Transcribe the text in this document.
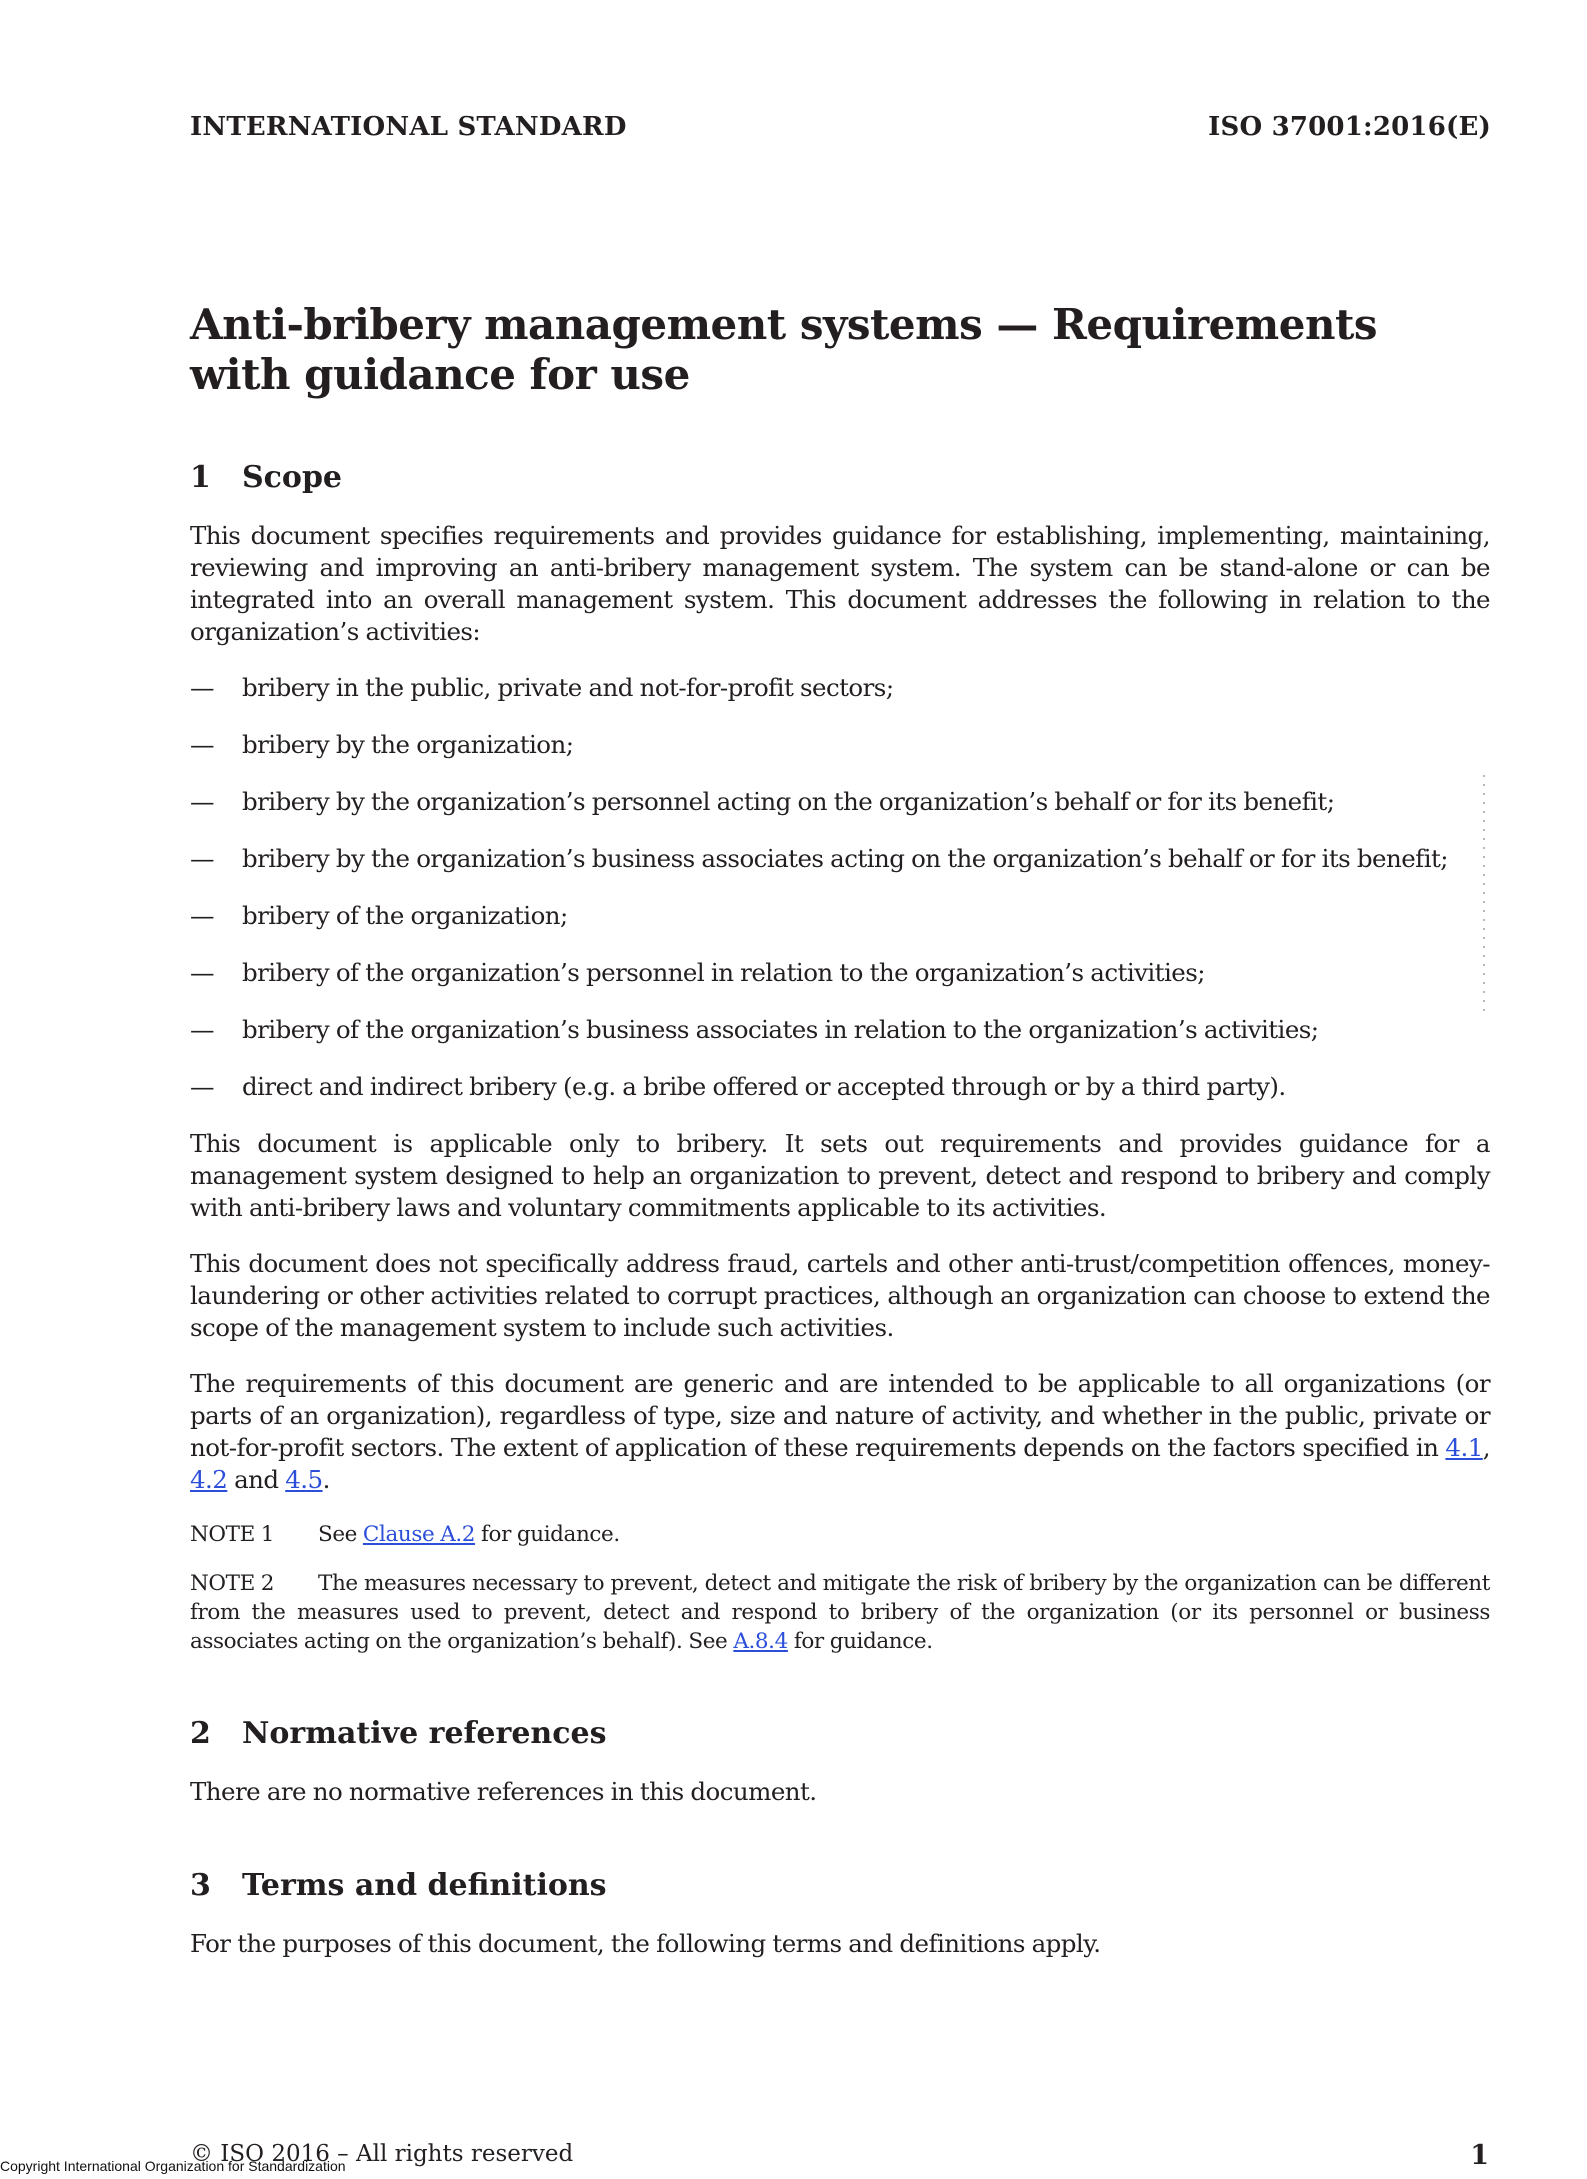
INTERNATIONAL STANDARD	ISO 37001:2016(E)
Anti-bribery management systems — Requirements with guidance for use
1	Scope

This document specifies requirements and provides guidance for establishing, implementing, maintaining, reviewing and improving an anti-bribery management system. The system can be stand-alone or can be integrated into an overall management system. This document addresses the following in relation to the organization’s activities:

—	bribery in the public, private and not-for-profit sectors;
—	bribery by the organization;
—	bribery by the organization’s personnel acting on the organization’s behalf or for its benefit;
—	bribery by the organization’s business associates acting on the organization’s behalf or for its benefit;
—	bribery of the organization;
—	bribery of the organization’s personnel in relation to the organization’s activities;
—	bribery of the organization’s business associates in relation to the organization’s activities;
—	direct and indirect bribery (e.g. a bribe offered or accepted through or by a third party).

This document is applicable only to bribery. It sets out requirements and provides guidance for a management system designed to help an organization to prevent, detect and respond to bribery and comply with anti-bribery laws and voluntary commitments applicable to its activities.

This document does not specifically address fraud, cartels and other anti-trust/competition offences, money-laundering or other activities related to corrupt practices, although an organization can choose to extend the scope of the management system to include such activities.

The requirements of this document are generic and are intended to be applicable to all organizations (or parts of an organization), regardless of type, size and nature of activity, and whether in the public, private or not-for-profit sectors. The extent of application of these requirements depends on the factors specified in 4.1, 4.2 and 4.5.

NOTE 1 See Clause A.2 for guidance.

NOTE 2 The measures necessary to prevent, detect and mitigate the risk of bribery by the organization can be different from the measures used to prevent, detect and respond to bribery of the organization (or its personnel or business associates acting on the organization’s behalf). See A.8.4 for guidance.

2	Normative references

There are no normative references in this document.

3	Terms and definitions

For the purposes of this document, the following terms and definitions apply.

© ISO 2016 – All rights reserved
Copyright International Organization for Standardization	1
